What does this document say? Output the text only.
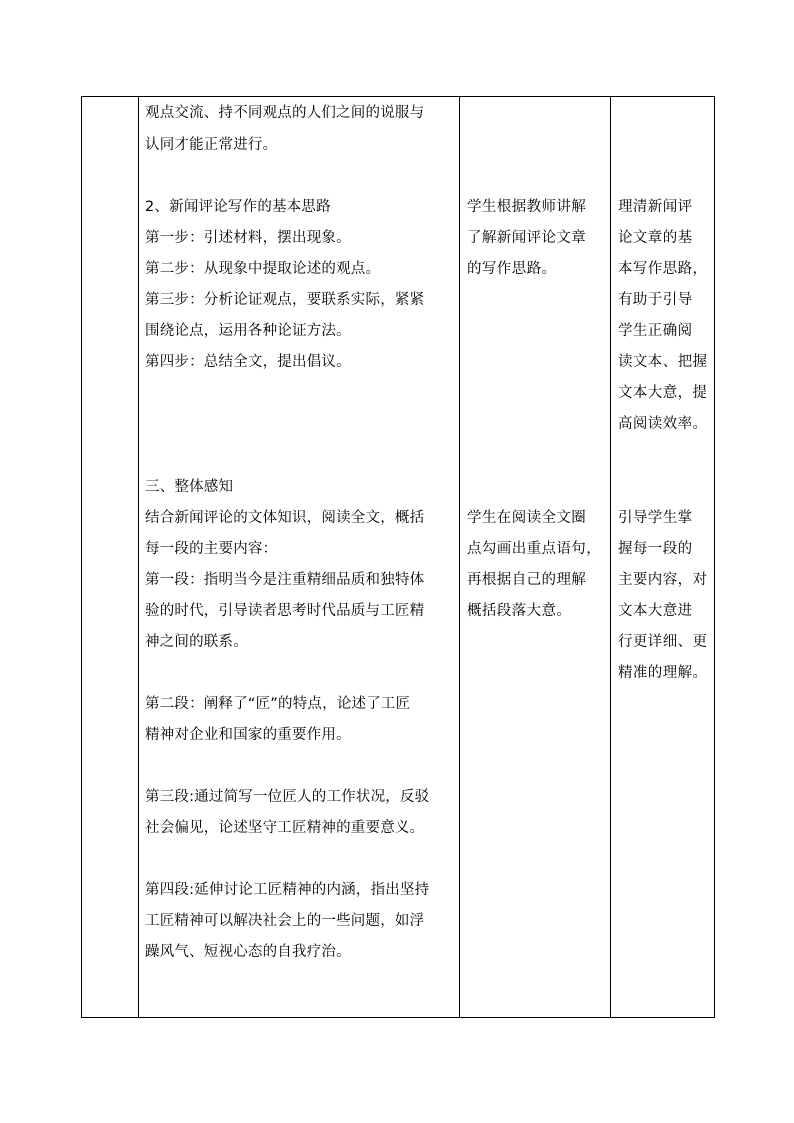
观点交流、持不同观点的人们之间的说服与
认同才能正常进行。
2、新闻评论写作的基本思路
第一步：引述材料，摆出现象。
第二步：从现象中提取论述的观点。
第三步：分析论证观点，要联系实际，紧紧
围绕论点，运用各种论证方法。
第四步：总结全文，提出倡议。
三、整体感知
结合新闻评论的文体知识，阅读全文，概括
每一段的主要内容：
第一段：指明当今是注重精细品质和独特体
验的时代，引导读者思考时代品质与工匠精
神之间的联系。
第二段：阐释了“匠”的特点，论述了工匠
精神对企业和国家的重要作用。
第三段:通过简写一位匠人的工作状况，反驳
社会偏见，论述坚守工匠精神的重要意义。
第四段:延伸讨论工匠精神的内涵，指出坚持
工匠精神可以解决社会上的一些问题，如浮
躁风气、短视心态的自我疗治。
学生根据教师讲解
了解新闻评论文章
的写作思路。
学生在阅读全文圈
点勾画出重点语句，
再根据自己的理解
概括段落大意。
理清新闻评
论文章的基
本写作思路，
有助于引导
学生正确阅
读文本、把握
文本大意，提
高阅读效率。
引导学生掌
握每一段的
主要内容，对
文本大意进
行更详细、更
精准的理解。
